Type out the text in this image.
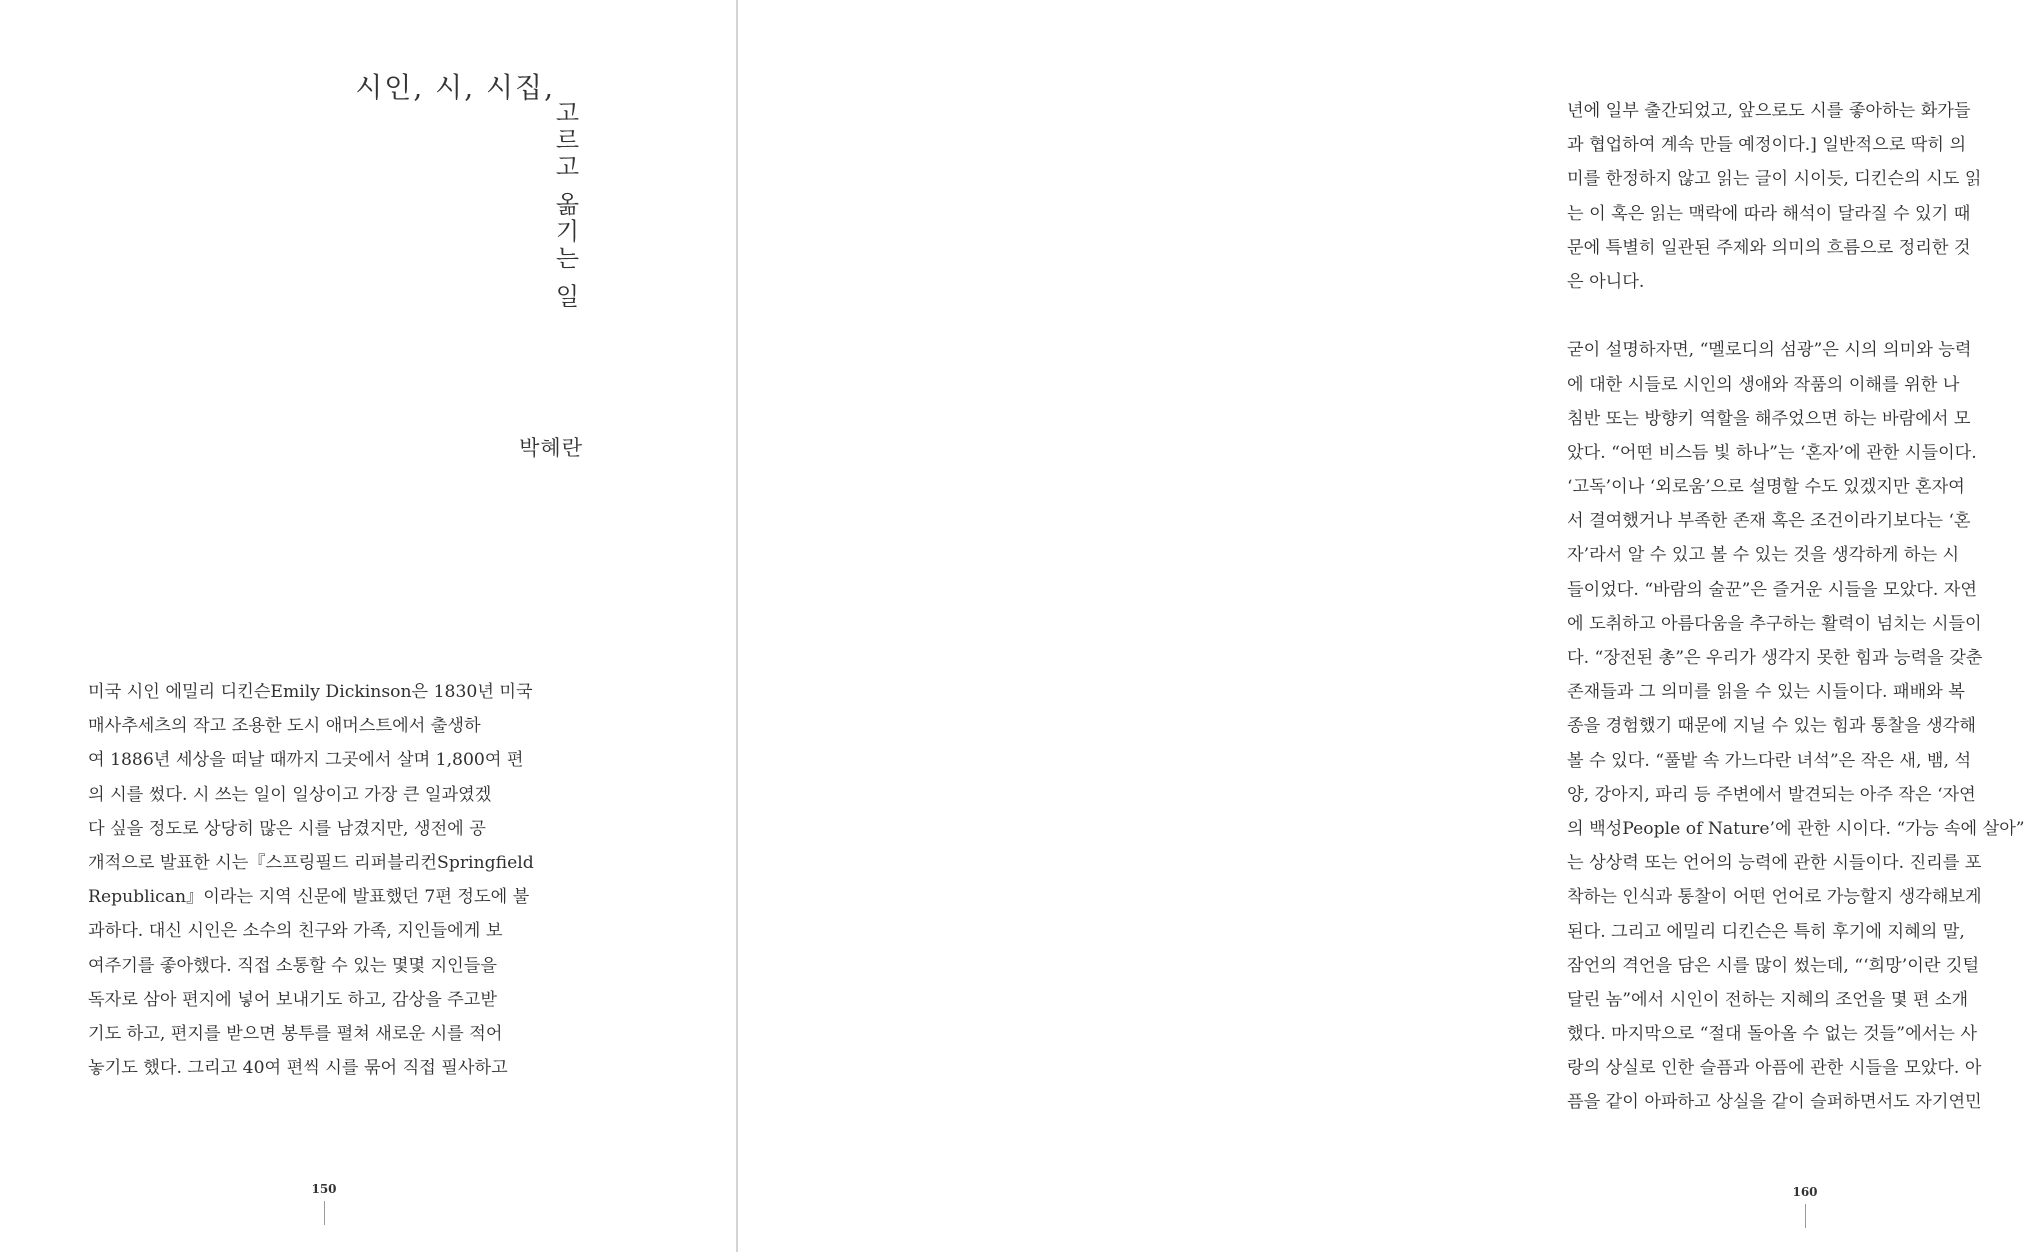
시인, 시, 시집,
고르고 옮기는 일
박혜란
미국 시인 에밀리 디킨슨Emily Dickinson은 1830년 미국
매사추세츠의 작고 조용한 도시 애머스트에서 출생하
여 1886년 세상을 떠날 때까지 그곳에서 살며 1,800여 편
의 시를 썼다. 시 쓰는 일이 일상이고 가장 큰 일과였겠
다 싶을 정도로 상당히 많은 시를 남겼지만, 생전에 공
개적으로 발표한 시는『스프링필드 리퍼블리컨Springfield
Republican』이라는 지역 신문에 발표했던 7편 정도에 불
과하다. 대신 시인은 소수의 친구와 가족, 지인들에게 보
여주기를 좋아했다. 직접 소통할 수 있는 몇몇 지인들을
독자로 삼아 편지에 넣어 보내기도 하고, 감상을 주고받
기도 하고, 편지를 받으면 봉투를 펼쳐 새로운 시를 적어
놓기도 했다. 그리고 40여 편씩 시를 묶어 직접 필사하고
150
년에 일부 출간되었고, 앞으로도 시를 좋아하는 화가들
과 협업하여 계속 만들 예정이다.] 일반적으로 딱히 의
미를 한정하지 않고 읽는 글이 시이듯, 디킨슨의 시도 읽
는 이 혹은 읽는 맥락에 따라 해석이 달라질 수 있기 때
문에 특별히 일관된 주제와 의미의 흐름으로 정리한 것
은 아니다.
굳이 설명하자면, “멜로디의 섬광”은 시의 의미와 능력
에 대한 시들로 시인의 생애와 작품의 이해를 위한 나
침반 또는 방향키 역할을 해주었으면 하는 바람에서 모
았다. “어떤 비스듬 빛 하나”는 ‘혼자’에 관한 시들이다.
‘고독’이나 ‘외로움’으로 설명할 수도 있겠지만 혼자여
서 결여했거나 부족한 존재 혹은 조건이라기보다는 ‘혼
자’라서 알 수 있고 볼 수 있는 것을 생각하게 하는 시
들이었다. “바람의 술꾼”은 즐거운 시들을 모았다. 자연
에 도취하고 아름다움을 추구하는 활력이 넘치는 시들이
다. “장전된 총”은 우리가 생각지 못한 힘과 능력을 갖춘
존재들과 그 의미를 읽을 수 있는 시들이다. 패배와 복
종을 경험했기 때문에 지닐 수 있는 힘과 통찰을 생각해
볼 수 있다. “풀밭 속 가느다란 녀석”은 작은 새, 뱀, 석
양, 강아지, 파리 등 주변에서 발견되는 아주 작은 ‘자연
의 백성People of Nature’에 관한 시이다. “가능 속에 살아”
는 상상력 또는 언어의 능력에 관한 시들이다. 진리를 포
착하는 인식과 통찰이 어떤 언어로 가능할지 생각해보게
된다. 그리고 에밀리 디킨슨은 특히 후기에 지혜의 말,
잠언의 격언을 담은 시를 많이 썼는데, “‘희망’이란 깃털
달린 놈”에서 시인이 전하는 지혜의 조언을 몇 편 소개
했다. 마지막으로 “절대 돌아올 수 없는 것들”에서는 사
랑의 상실로 인한 슬픔과 아픔에 관한 시들을 모았다. 아
픔을 같이 아파하고 상실을 같이 슬퍼하면서도 자기연민
160
